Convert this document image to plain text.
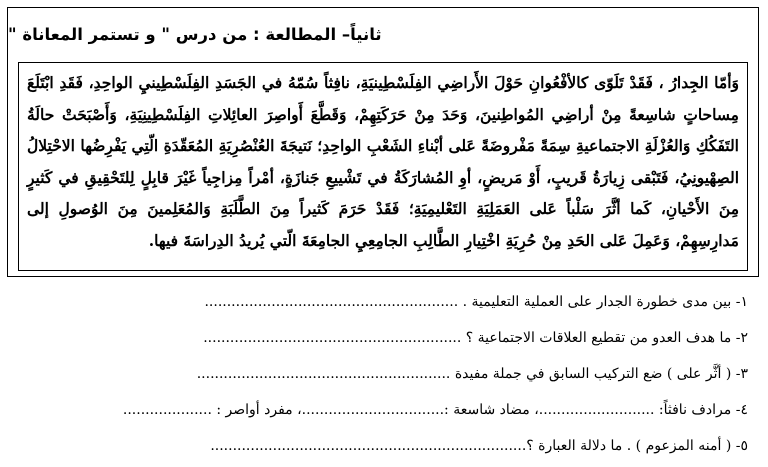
ثانياً– المطالعة : من درس " و تستمر المعاناة "

وَأمّا الجِدارُ ، فَقَدْ تَلَوّى كالأفْعُوانِ حَوْلَ الأَراضِي الفِلَسْطِينيَةِ، نافِثاً سُمّهُ في الجَسَدِ الفِلَسْطِينيِ الواحِدِ، فَقَدِ ابْتَلَعَ مِساحاتٍ شاسِعةً مِنْ أراضِي المُواطِنينَ، وَحَدَ مِنْ حَرَكَتِهِمْ، وَقَطَّعَ أَواصِرَ العائِلاتِ الفِلَسْطِينِيَةِ، وَأَصْبَحَتْ حالَةُ التَفَكُكِ وَالعُزْلَةِ الاجتماعيةِ سِمَةً مَفْروضَةً عَلى أبْناءِ الشَعْبِ الواحِدِ؛ نَتيجَةَ العُنْصُرِيَةِ المُعَقّدَةِ الّتِي يَفْرِضُها الاحْتِلالُ الصِهْيونِيُ، فَتَبْقى زِيارَةُ قَريبٍ، أَوْ مَريضٍ، أوِ المُشارَكَةُ في تَشْييعِ جَنازَةٍ، أمْراً مِزاجِياً غَيْرَ قابِلٍ لِلتَحْقِيقِ في كَثيرٍ مِنَ الأَحْيانِ، كَما أثَّرَ سَلْباً عَلى العَمَلِيَةِ التَعْليمِيَةِ؛ فَقَدْ حَرَمَ كَثيراً مِنَ الطَّلَبَةِ وَالمُعَلِمينَ مِنَ الوُصولِ إلى مَدارِسِهِمْ، وَعَمِلَ عَلى الحَدِ مِنْ حُرِيَةِ اخْتِيارِ الطَّالِبِ الجامِعِيِ الجامِعَةَ الّتي يُريدُ الدِراسَةَ فيها.

١- بين مدى خطورة الجدار على العملية التعليمية . .........................................................
٢- ما هدف العدو من تقطيع العلاقات الاجتماعية ؟ ..........................................................
٣- ( أثَّر على ) ضع التركيب السابق في جملة مفيدة .........................................................
٤- مرادف نافثاً: ..........................، مضاد شاسعة :................................، مفرد أواصر : ....................
٥- ( أمنه المزعوم ) . ما دلالة العبارة ؟.......................................................................
